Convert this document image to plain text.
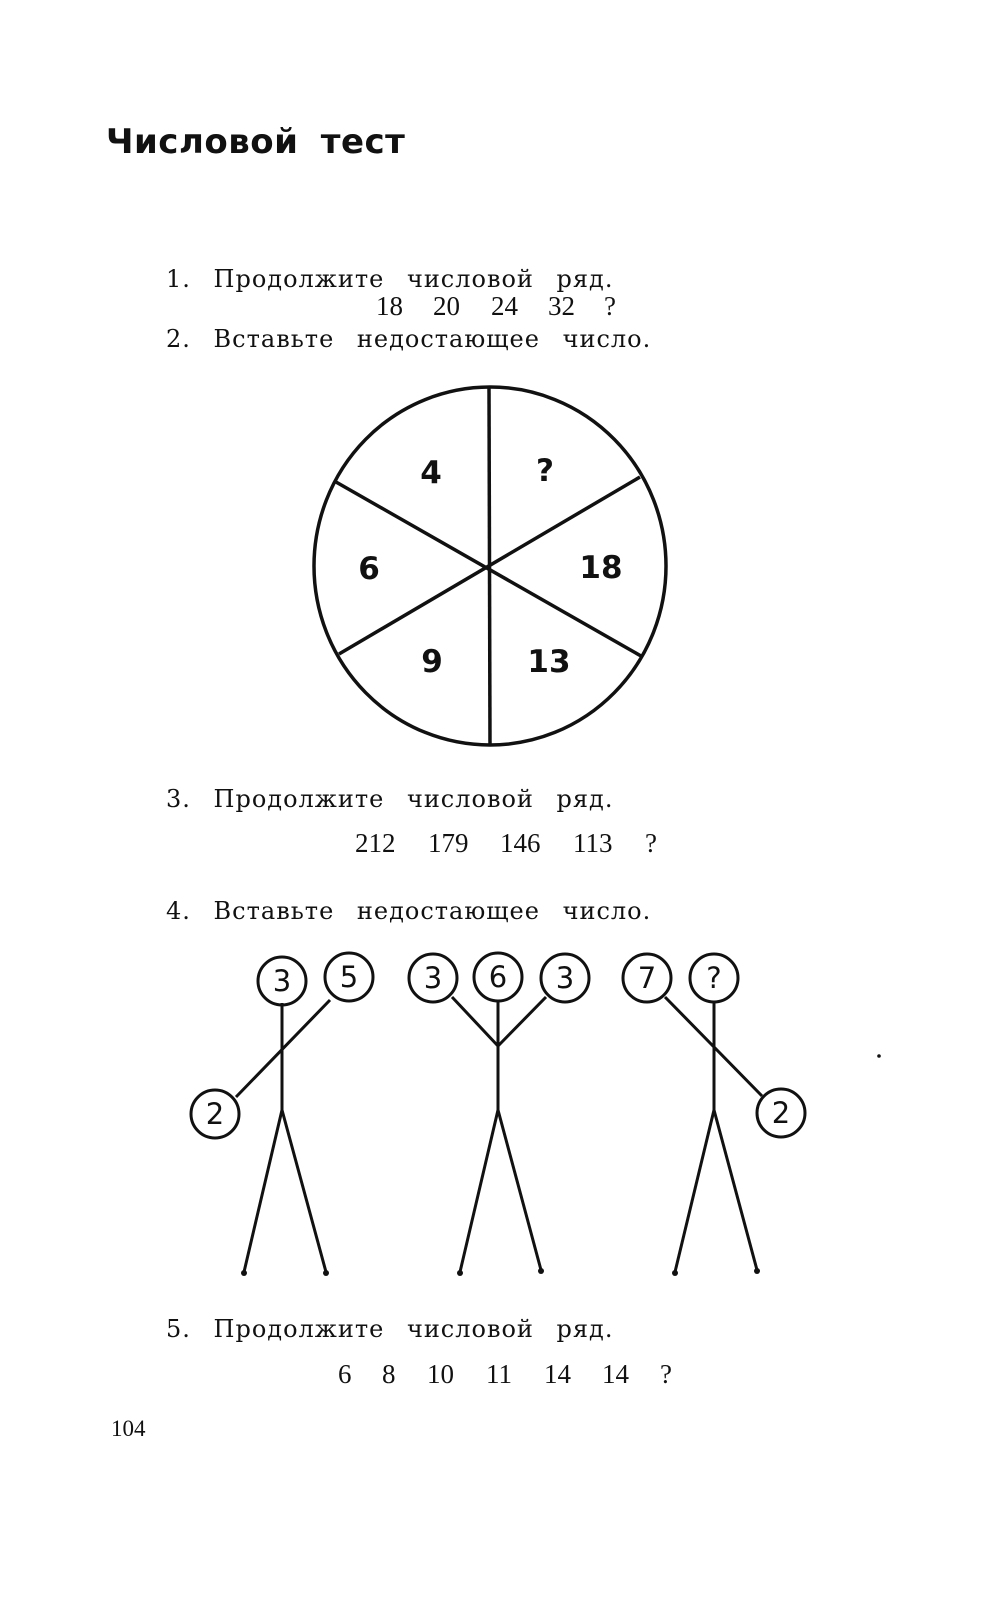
Числовой тест
1. Продолжите числовой ряд.
18 20 24 32 ?
2. Вставьте недостающее число.
4	?
18
13
9
6
3 5
2
3 6 3 7 ?
2
3. Продолжите числовой ряд.
212 179 146 113 ?
4. Вставьте недостающее число.
5. Продолжите числовой ряд.
6 8 10 11 14 14 ?
104
